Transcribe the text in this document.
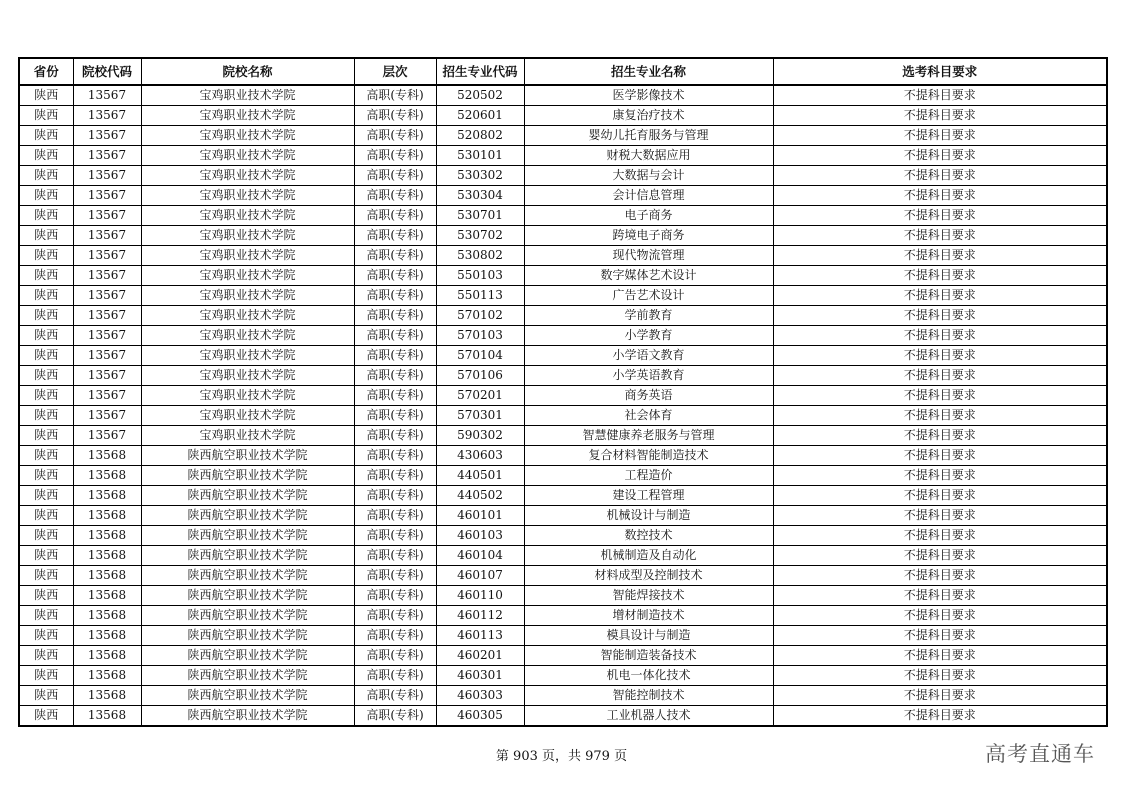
省份	院校代码	院校名称	层次	招生专业代码	招生专业名称	选考科目要求
陕西	13567	宝鸡职业技术学院	高职(专科)	520502	医学影像技术	不提科目要求
陕西	13567	宝鸡职业技术学院	高职(专科)	520601	康复治疗技术	不提科目要求
陕西	13567	宝鸡职业技术学院	高职(专科)	520802	婴幼儿托育服务与管理	不提科目要求
陕西	13567	宝鸡职业技术学院	高职(专科)	530101	财税大数据应用	不提科目要求
陕西	13567	宝鸡职业技术学院	高职(专科)	530302	大数据与会计	不提科目要求
陕西	13567	宝鸡职业技术学院	高职(专科)	530304	会计信息管理	不提科目要求
陕西	13567	宝鸡职业技术学院	高职(专科)	530701	电子商务	不提科目要求
陕西	13567	宝鸡职业技术学院	高职(专科)	530702	跨境电子商务	不提科目要求
陕西	13567	宝鸡职业技术学院	高职(专科)	530802	现代物流管理	不提科目要求
陕西	13567	宝鸡职业技术学院	高职(专科)	550103	数字媒体艺术设计	不提科目要求
陕西	13567	宝鸡职业技术学院	高职(专科)	550113	广告艺术设计	不提科目要求
陕西	13567	宝鸡职业技术学院	高职(专科)	570102	学前教育	不提科目要求
陕西	13567	宝鸡职业技术学院	高职(专科)	570103	小学教育	不提科目要求
陕西	13567	宝鸡职业技术学院	高职(专科)	570104	小学语文教育	不提科目要求
陕西	13567	宝鸡职业技术学院	高职(专科)	570106	小学英语教育	不提科目要求
陕西	13567	宝鸡职业技术学院	高职(专科)	570201	商务英语	不提科目要求
陕西	13567	宝鸡职业技术学院	高职(专科)	570301	社会体育	不提科目要求
陕西	13567	宝鸡职业技术学院	高职(专科)	590302	智慧健康养老服务与管理	不提科目要求
陕西	13568	陕西航空职业技术学院	高职(专科)	430603	复合材料智能制造技术	不提科目要求
陕西	13568	陕西航空职业技术学院	高职(专科)	440501	工程造价	不提科目要求
陕西	13568	陕西航空职业技术学院	高职(专科)	440502	建设工程管理	不提科目要求
陕西	13568	陕西航空职业技术学院	高职(专科)	460101	机械设计与制造	不提科目要求
陕西	13568	陕西航空职业技术学院	高职(专科)	460103	数控技术	不提科目要求
陕西	13568	陕西航空职业技术学院	高职(专科)	460104	机械制造及自动化	不提科目要求
陕西	13568	陕西航空职业技术学院	高职(专科)	460107	材料成型及控制技术	不提科目要求
陕西	13568	陕西航空职业技术学院	高职(专科)	460110	智能焊接技术	不提科目要求
陕西	13568	陕西航空职业技术学院	高职(专科)	460112	增材制造技术	不提科目要求
陕西	13568	陕西航空职业技术学院	高职(专科)	460113	模具设计与制造	不提科目要求
陕西	13568	陕西航空职业技术学院	高职(专科)	460201	智能制造装备技术	不提科目要求
陕西	13568	陕西航空职业技术学院	高职(专科)	460301	机电一体化技术	不提科目要求
陕西	13568	陕西航空职业技术学院	高职(专科)	460303	智能控制技术	不提科目要求
陕西	13568	陕西航空职业技术学院	高职(专科)	460305	工业机器人技术	不提科目要求
第 903 页，共 979 页	高考直通车
